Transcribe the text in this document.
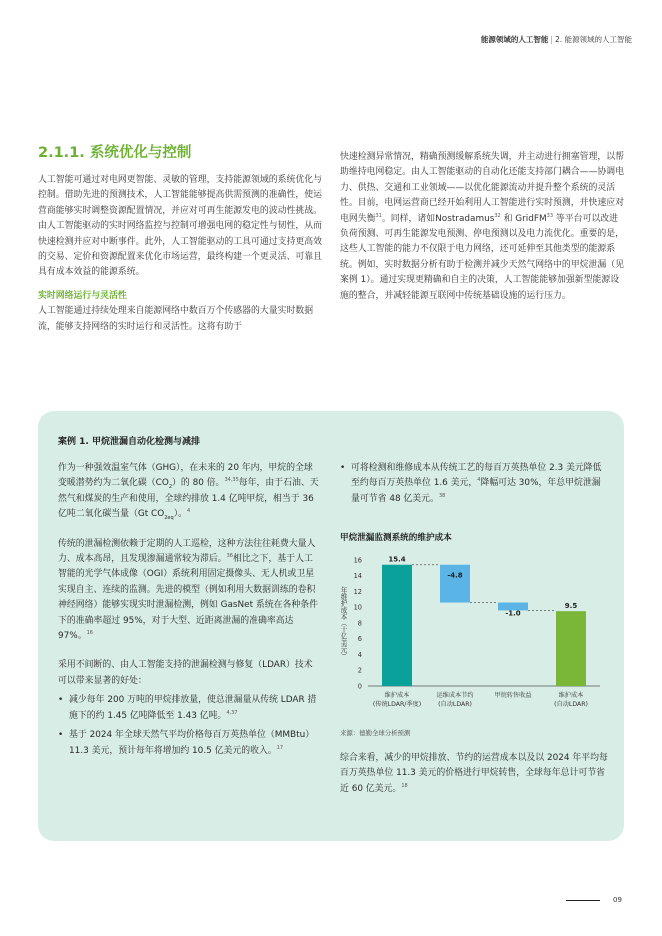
能源领域的人工智能 | 2. 能源领域的人工智能
2.1.1. 系统优化与控制

人工智能可通过对电网更智能、灵敏的管理，支持能源领域的系统优化与控制。借助先进的预测技术，人工智能能够提高供需预测的准确性，使运营商能够实时调整资源配置情况，并应对可再生能源发电的波动性挑战。由人工智能驱动的实时网络监控与控制可增强电网的稳定性与韧性，从而快速检测并应对中断事件。此外，人工智能驱动的工具可通过支持更高效的交易、定价和资源配置来优化市场运营，最终构建一个更灵活、可靠且具有成本效益的能源系统。

实时网络运行与灵活性

人工智能通过持续处理来自能源网络中数百万个传感器的大量实时数据流，能够支持网络的实时运行和灵活性。这将有助于

快速检测异常情况，精确预测缓解系统失调，并主动进行拥塞管理，以帮助维持电网稳定。由人工智能驱动的自动化还能支持部门耦合——协调电力、供热、交通和工业领域——以优化能源流动并提升整个系统的灵活性。目前，电网运营商已经开始利用人工智能进行实时预测，并快速应对电网失衡$^{31}$。同样，诸如Nostradamus$^{32}$ 和 GridFM$^{33}$ 等平台可以改进负荷预测、可再生能源发电预测、停电预测以及电力流优化。重要的是，这些人工智能的能力不仅限于电力网络，还可延伸至其他类型的能源系统。例如，实时数据分析有助于检测并减少天然气网络中的甲烷泄漏（见案例 1）。通过实现更精确和自主的决策，人工智能能够加强新型能源设施的整合，并减轻能源互联网中传统基础设施的运行压力。

案例 1. 甲烷泄漏自动化检测与减排

作为一种强效温室气体（GHG），在未来的 20 年内，甲烷的全球变暖潜势约为二氧化碳$(CO_2)$的 80 倍。$^{34,35}$每年，由于石油、天然气和煤炭的生产和使用，全球约排放 1.4 亿吨甲烷，相当于 36 亿吨二氧化碳当量（Gt $CO_{2eq}$）。$^4$

传统的泄漏检测依赖于定期的人工巡检，这种方法往往耗费大量人力、成本高昂，且发现渗漏通常较为滞后。$^{36}$相比之下，基于人工智能的光学气体成像（OGI）系统利用固定摄像头、无人机或卫星实现自主、连续的监测。先进的模型（例如利用大数据训练的卷积神经网络）能够实现实时泄漏检测，例如 GasNet 系统在各种条件下的准确率超过 95%，对于大型、近距离泄漏的准确率高达 97%。$^{16}$

采用不间断的、由人工智能支持的泄漏检测与修复（LDAR）技术可以带来显著的好处：

• 减少每年 200 万吨的甲烷排放量，使总泄漏量从传统 LDAR 措施下的约 1.45 亿吨降低至 1.43 亿吨。$^{4,37}$
• 基于 2024 年全球天然气平均价格每百万英热单位（MMBtu）11.3 美元，预计每年将增加约 10.5 亿美元的收入。$^{17}$
• 可将检测和维修成本从传统工艺的每百万英热单位 2.3 美元降低至约每百万英热单位 1.6 美元，$^4$降幅可达 30%，年总甲烷泄漏量可节省 48 亿美元。$^{38}$
甲烷泄漏监测系统的维护成本
年维护成本（十亿美元）
0
2
4
6
8
10
12
14
16	15.4
维护成本
(传统LDAR/季度)
-4.8
运维成本节约
(自动LDAR)
-1.0
甲烷转售收益
9.5
维护成本
(自动LDAR)
来源：德勤全球分析预测

综合来看，减少的甲烷排放、节约的运营成本以及以 2024 年平均每百万英热单位 11.3 美元的价格进行甲烷转售，全球每年总计可节省近 60 亿美元。$^{18}$

09
